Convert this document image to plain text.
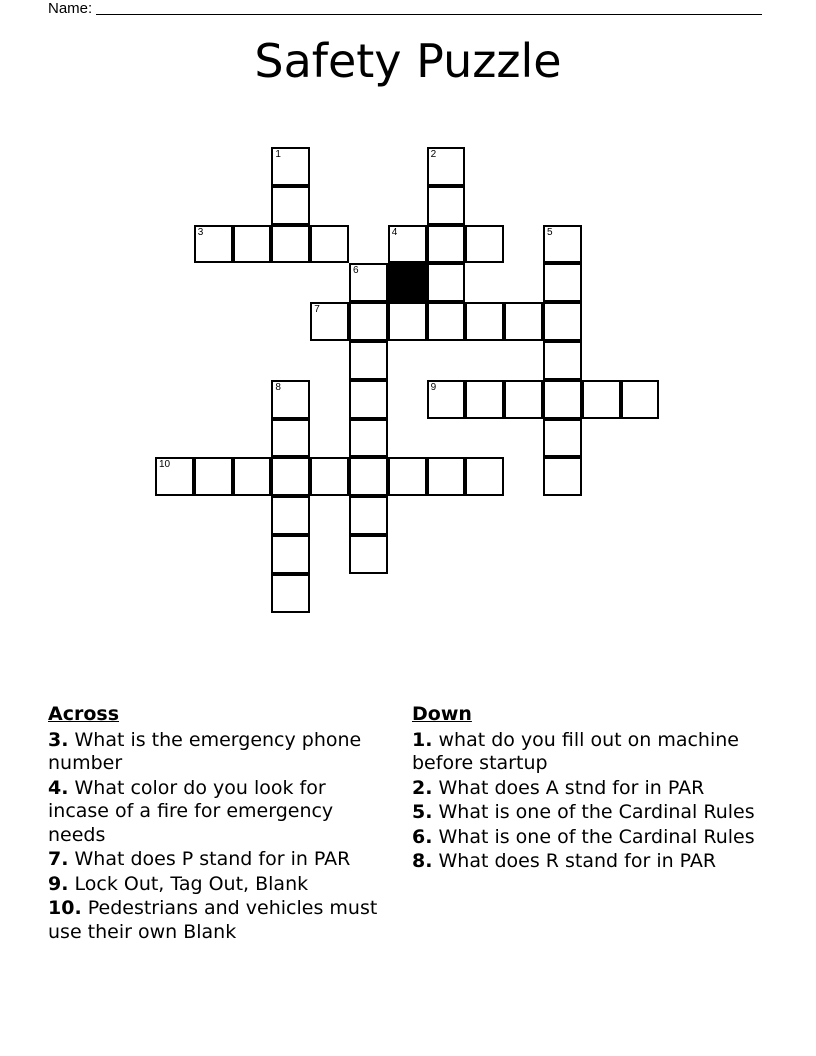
Name:
Safety Puzzle
1	2
3	4	5
6
7
8	9
10
Across
3. What is the emergency phone number
4. What color do you look for incase of a fire for emergency needs
7. What does P stand for in PAR
9. Lock Out, Tag Out, Blank
10. Pedestrians and vehicles must use their own Blank
Down
1. what do you fill out on machine before startup
2. What does A stnd for in PAR
5. What is one of the Cardinal Rules
6. What is one of the Cardinal Rules
8. What does R stand for in PAR
